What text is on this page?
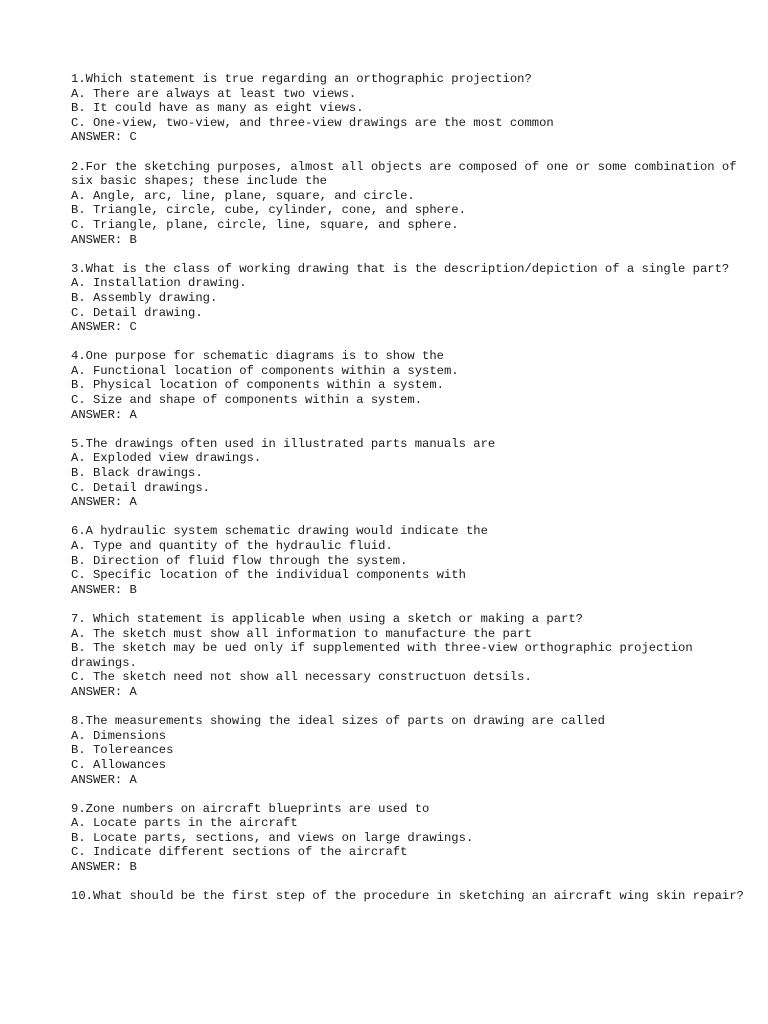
1.Which statement is true regarding an orthographic projection?
A. There are always at least two views.
B. It could have as many as eight views.
C. One-view, two-view, and three-view drawings are the most common
ANSWER: C
2.For the sketching purposes, almost all objects are composed of one or some combination of six basic shapes; these include the
A. Angle, arc, line, plane, square, and circle.
B. Triangle, circle, cube, cylinder, cone, and sphere.
C. Triangle, plane, circle, line, square, and sphere.
ANSWER: B
3.What is the class of working drawing that is the description/depiction of a single part?
A. Installation drawing.
B. Assembly drawing.
C. Detail drawing.
ANSWER: C
4.One purpose for schematic diagrams is to show the
A. Functional location of components within a system.
B. Physical location of components within a system.
C. Size and shape of components within a system.
ANSWER: A
5.The drawings often used in illustrated parts manuals are
A. Exploded view drawings.
B. Black drawings.
C. Detail drawings.
ANSWER: A
6.A hydraulic system schematic drawing would indicate the
A. Type and quantity of the hydraulic fluid.
B. Direction of fluid flow through the system.
C. Specific location of the individual components with
ANSWER: B
7. Which statement is applicable when using a sketch or making a part?
A. The sketch must show all information to manufacture the part
B. The sketch may be ued only if supplemented with three-view orthographic projection drawings.
C. The sketch need not show all necessary constructuon detsils.
ANSWER: A
8.The measurements showing the ideal sizes of parts on drawing are called
A. Dimensions
B. Tolereances
C. Allowances
ANSWER: A
9.Zone numbers on aircraft blueprints are used to
A. Locate parts in the aircraft
B. Locate parts, sections, and views on large drawings.
C. Indicate different sections of the aircraft
ANSWER: B
10.What should be the first step of the procedure in sketching an aircraft wing skin repair?
